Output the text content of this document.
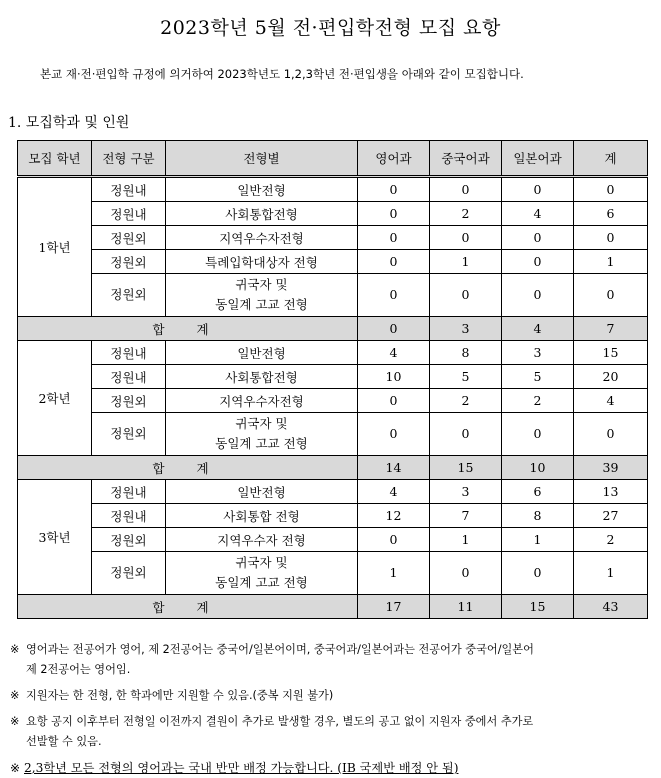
2023학년 5월 전·편입학전형 모집 요항
본교 재·전·편입학 규정에 의거하여 2023학년도 1,2,3학년 전·편입생을 아래와 같이 모집합니다.
1. 모집학과 및 인원
모집 학년	전형 구분	전형별	영어과	중국어과	일본어과	계
1학년	정원내	일반전형	0	0	0	0
	정원내	사회통합전형	0	2	4	6
	정원외	지역우수자전형	0	0	0	0
	정원외	특례입학대상자 전형	0	1	0	1
	정원외	귀국자 및
동일계 고교 전형	0	0	0	0
합 계			0	3	4	7
2학년	정원내	일반전형	4	8	3	15
	정원내	사회통합전형	10	5	5	20
	정원외	지역우수자전형	0	2	2	4
	정원외	귀국자 및
동일계 고교 전형	0	0	0	0
합 계			14	15	10	39
3학년	정원내	일반전형	4	3	6	13
	정원내	사회통합 전형	12	7	8	27
	정원외	지역우수자 전형	0	1	1	2
	정원외	귀국자 및
동일계 고교 전형	1	0	0	1
합 계			17	11	15	43
※ 영어과는 전공어가 영어, 제 2전공어는 중국어/일본어이며, 중국어과/일본어과는 전공어가 중국어/일본어
제 2전공어는 영어임.
※ 지원자는 한 전형, 한 학과에만 지원할 수 있음.(중복 지원 불가)
※ 요항 공지 이후부터 전형일 이전까지 결원이 추가로 발생할 경우, 별도의 공고 없이 지원자 중에서 추가로
선발할 수 있음.
※ 2,3학년 모든 전형의 영어과는 국내 반만 배정 가능합니다. (IB 국제반 배정 안 됨)
